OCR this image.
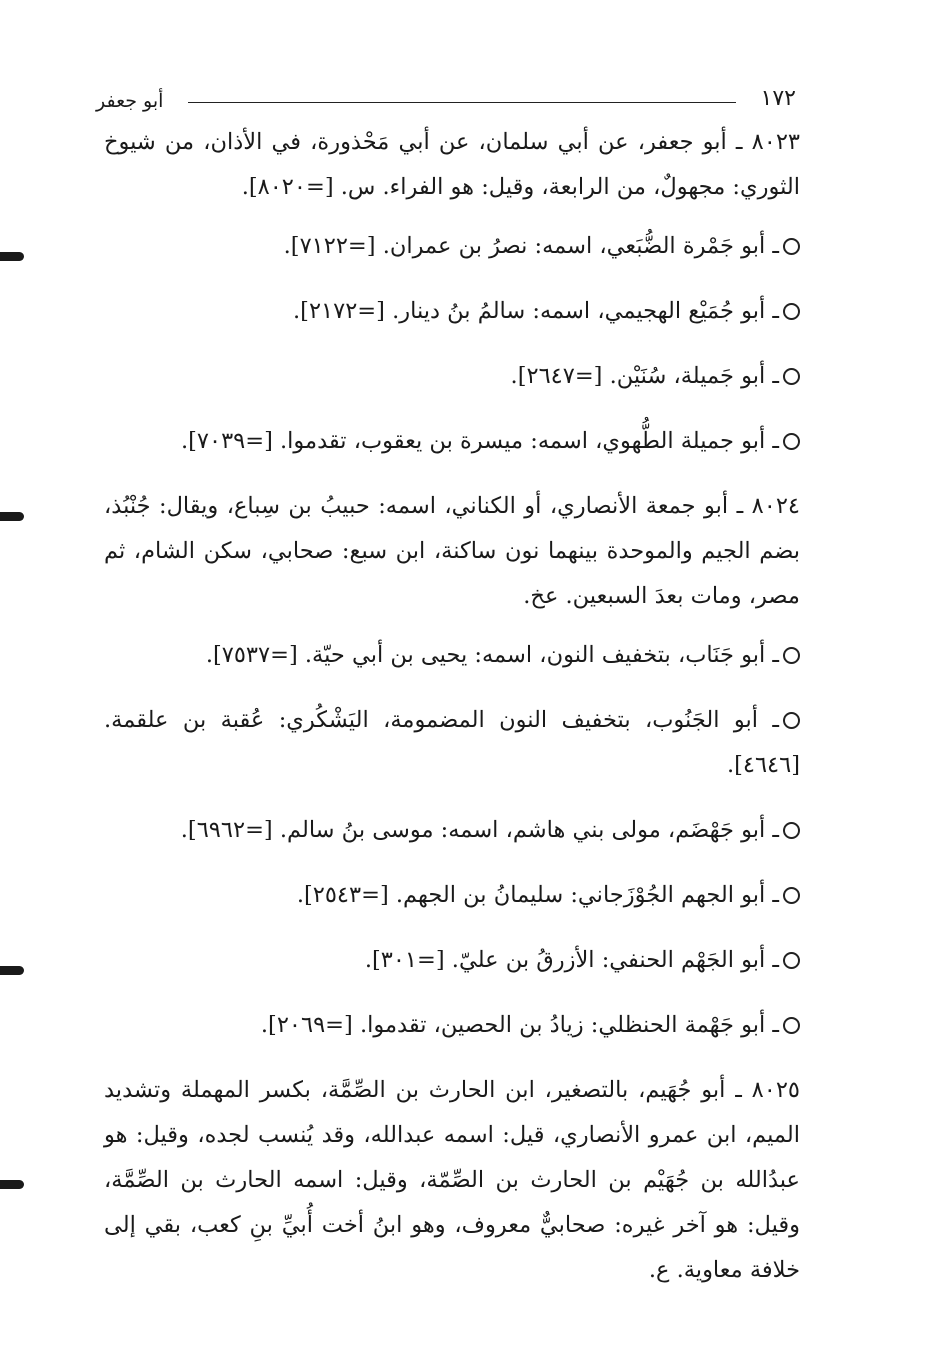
١٧٢
أبو جعفر

٨٠٢٣ ـ أبو جعفر، عن أبي سلمان، عن أبي مَحْذورة، في الأذان، من شيوخ الثوري: مجهولٌ، من الرابعة، وقيل: هو الفراء. س. [=٨٠٢٠].

ـ أبو جَمْرة الضُّبَعي، اسمه: نصرُ بن عمران. [=٧١٢٢].

ـ أبو جُمَيْع الهجيمي، اسمه: سالمُ بنُ دينار. [=٢١٧٢].

ـ أبو جَميلة، سُنَيْن. [=٢٦٤٧].

ـ أبو جميلة الطُّهوي، اسمه: ميسرة بن يعقوب، تقدموا. [=٧٠٣٩].

٨٠٢٤ ـ أبو جمعة الأنصاري، أو الكناني، اسمه: حبيبُ بن سِباع، ويقال: جُنْبُذ، بضم الجيم والموحدة بينهما نون ساكنة، ابن سبع: صحابي، سكن الشام، ثم مصر، ومات بعدَ السبعين. عخ.

ـ أبو جَنَاب، بتخفيف النون، اسمه: يحيى بن أبي حيّة. [=٧٥٣٧].

ـ أبو الجَنُوب، بتخفيف النون المضمومة، اليَشْكُري: عُقبة بن علقمة. [٤٦٤٦].

ـ أبو جَهْضَم، مولى بني هاشم، اسمه: موسى بنُ سالم. [=٦٩٦٢].

ـ أبو الجهم الجُوْزَجاني: سليمانُ بن الجهم. [=٢٥٤٣].

ـ أبو الجَهْم الحنفي: الأزرقُ بن عليّ. [=٣٠١].

ـ أبو جَهْمة الحنظلي: زيادُ بن الحصين، تقدموا. [=٢٠٦٩].

٨٠٢٥ ـ أبو جُهَيم، بالتصغير، ابن الحارث بن الصِّمَّة، بكسر المهملة وتشديد الميم، ابن عمرو الأنصاري، قيل: اسمه عبدالله، وقد يُنسب لجده، وقيل: هو عبدُالله بن جُهَيْم بن الحارث بن الصِّمّة، وقيل: اسمه الحارث بن الصِّمَّة، وقيل: هو آخر غيره: صحابيٌّ معروف، وهو ابنُ أخت أُبيِّ بنِ كعب، بقي إلى خلافة معاوية. ع.
